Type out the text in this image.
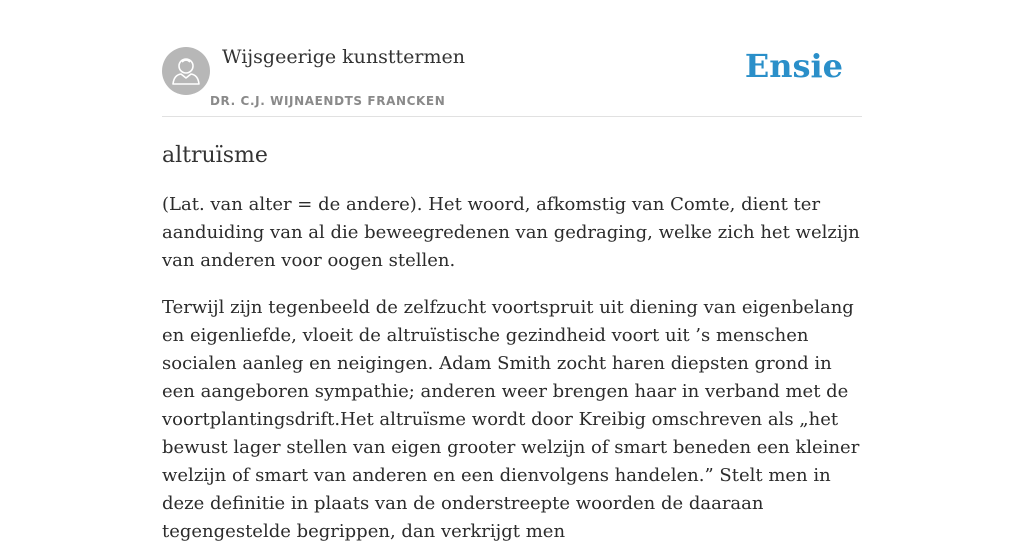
Wijsgeerige kunsttermen
DR. C.J. WIJNAENDTS FRANCKEN
Ensie
altruïsme

(Lat. van alter = de andere). Het woord, afkomstig van Comte, dient ter aanduiding van al die beweegredenen van gedraging, welke zich het welzijn van anderen voor oogen stellen.

Terwijl zijn tegenbeeld de zelfzucht voortspruit uit diening van eigenbelang en eigenliefde, vloeit de altruïstische gezindheid voort uit ’s menschen socialen aanleg en neigingen. Adam Smith zocht haren diepsten grond in een aangeboren sympathie; anderen weer brengen haar in verband met de voortplantingsdrift.Het altruïsme wordt door Kreibig omschreven als „het bewust lager stellen van eigen grooter welzijn of smart beneden een kleiner welzijn of smart van anderen en een dienvolgens handelen.” Stelt men in deze definitie in plaats van de onderstreepte woorden de daaraan tegengestelde begrippen, dan verkrijgt men
